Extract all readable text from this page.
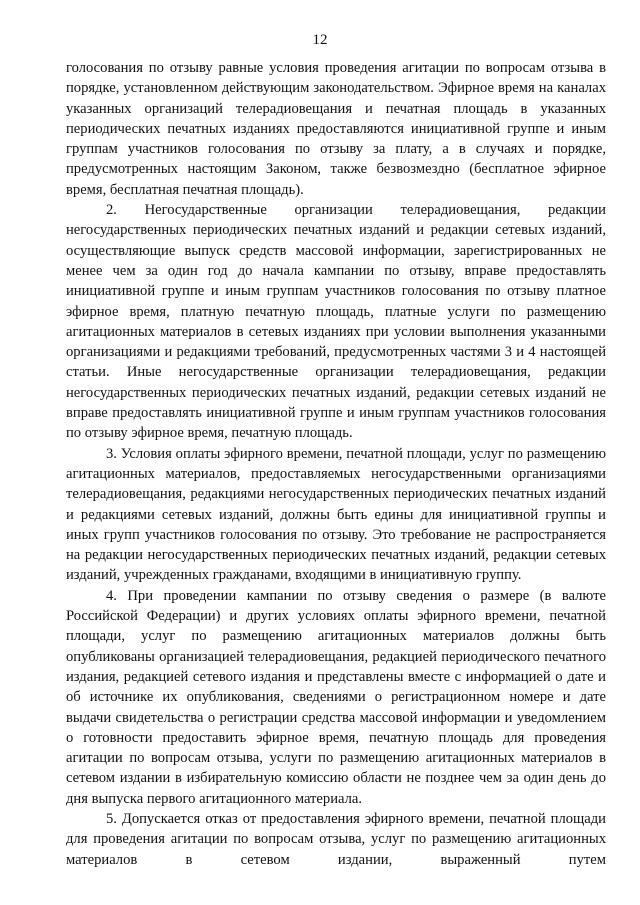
12

голосования по отзыву равные условия проведения агитации по вопросам отзыва в порядке, установленном действующим законодательством. Эфирное время на каналах указанных организаций телерадиовещания и печатная площадь в указанных периодических печатных изданиях предоставляются инициативной группе и иным группам участников голосования по отзыву за плату, а в случаях и порядке, предусмотренных настоящим Законом, также безвозмездно (бесплатное эфирное время, бесплатная печатная площадь).

2. Негосударственные организации телерадиовещания, редакции негосударственных периодических печатных изданий и редакции сетевых изданий, осуществляющие выпуск средств массовой информации, зарегистрированных не менее чем за один год до начала кампании по отзыву, вправе предоставлять инициативной группе и иным группам участников голосования по отзыву платное эфирное время, платную печатную площадь, платные услуги по размещению агитационных материалов в сетевых изданиях при условии выполнения указанными организациями и редакциями требований, предусмотренных частями 3 и 4 настоящей статьи. Иные негосударственные организации телерадиовещания, редакции негосударственных периодических печатных изданий, редакции сетевых изданий не вправе предоставлять инициативной группе и иным группам участников голосования по отзыву эфирное время, печатную площадь.

3. Условия оплаты эфирного времени, печатной площади, услуг по размещению агитационных материалов, предоставляемых негосударственными организациями телерадиовещания, редакциями негосударственных периодических печатных изданий и редакциями сетевых изданий, должны быть едины для инициативной группы и иных групп участников голосования по отзыву. Это требование не распространяется на редакции негосударственных периодических печатных изданий, редакции сетевых изданий, учрежденных гражданами, входящими в инициативную группу.

4. При проведении кампании по отзыву сведения о размере (в валюте Российской Федерации) и других условиях оплаты эфирного времени, печатной площади, услуг по размещению агитационных материалов должны быть опубликованы организацией телерадиовещания, редакцией периодического печатного издания, редакцией сетевого издания и представлены вместе с информацией о дате и об источнике их опубликования, сведениями о регистрационном номере и дате выдачи свидетельства о регистрации средства массовой информации и уведомлением о готовности предоставить эфирное время, печатную площадь для проведения агитации по вопросам отзыва, услуги по размещению агитационных материалов в сетевом издании в избирательную комиссию области не позднее чем за один день до дня выпуска первого агитационного материала.

5. Допускается отказ от предоставления эфирного времени, печатной площади для проведения агитации по вопросам отзыва, услуг по размещению агитационных материалов в сетевом издании, выраженный путем
